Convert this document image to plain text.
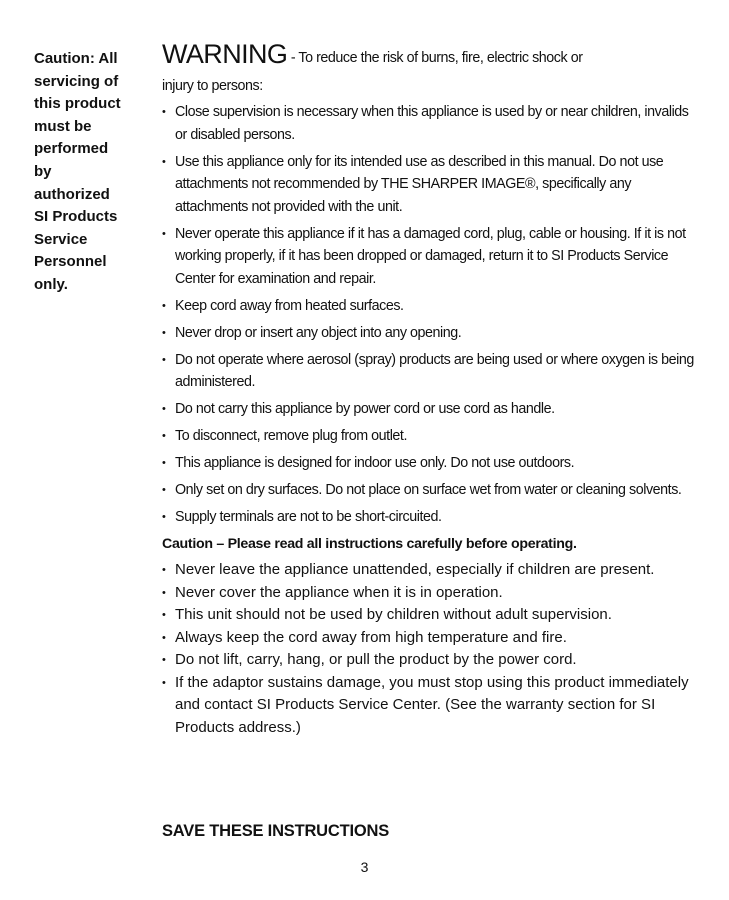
Caution: All
servicing of
this product
must be
performed
by
authorized
SI Products
Service
Personnel
only.

WARNING - To reduce the risk of burns, fire, electric shock or
injury to persons:

• Close supervision is necessary when this appliance is used by or near children, invalids or disabled persons.
• Use this appliance only for its intended use as described in this manual. Do not use attachments not recommended by THE SHARPER IMAGE®, specifically any attachments not provided with the unit.
• Never operate this appliance if it has a damaged cord, plug, cable or housing. If it is not working properly, if it has been dropped or damaged, return it to SI Products Service Center for examination and repair.
• Keep cord away from heated surfaces.
• Never drop or insert any object into any opening.
• Do not operate where aerosol (spray) products are being used or where oxygen is being administered.
• Do not carry this appliance by power cord or use cord as handle.
• To disconnect, remove plug from outlet.
• This appliance is designed for indoor use only. Do not use outdoors.
• Only set on dry surfaces. Do not place on surface wet from water or cleaning solvents.
• Supply terminals are not to be short-circuited.
Caution – Please read all instructions carefully before operating.
• Never leave the appliance unattended, especially if children are present.
• Never cover the appliance when it is in operation.
• This unit should not be used by children without adult supervision.
• Always keep the cord away from high temperature and fire.
• Do not lift, carry, hang, or pull the product by the power cord.
• If the adaptor sustains damage, you must stop using this product immediately and contact SI Products Service Center. (See the warranty section for SI Products address.)
SAVE THESE INSTRUCTIONS
3
